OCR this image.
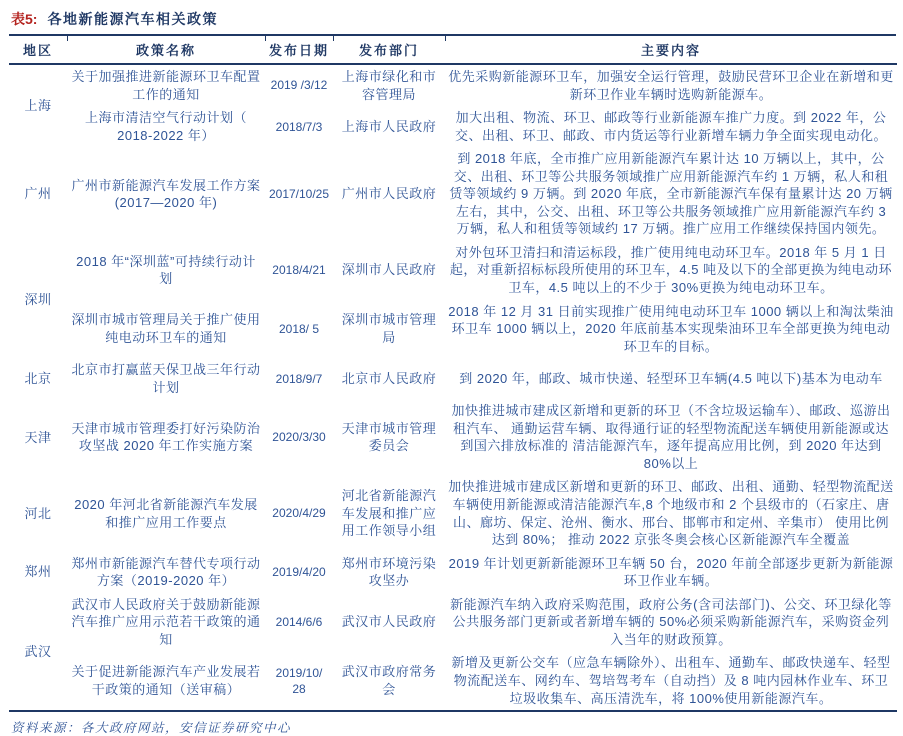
表5: 各地新能源汽车相关政策
地区	政策名称	发布日期	发布部门	主要内容
上海	关于加强推进新能源环卫车配置工作的通知	2019 /3/12	上海市绿化和市容管理局	优先采购新能源环卫车，加强安全运行管理，鼓励民营环卫企业在新增和更新环卫作业车辆时选购新能源车。
	上海市清洁空气行动计划（ 2018-2022 年）	2018/7/3	上海市人民政府	加大出租、物流、环卫、邮政等行业新能源车推广力度。到 2022 年，公交、出租、环卫、邮政、市内货运等行业新增车辆力争全面实现电动化。
广州	广州市新能源汽车发展工作方案(2017—2020 年)	2017/10/25	广州市人民政府	到 2018 年底，全市推广应用新能源汽车累计达 10 万辆以上，其中，公交、出租、环卫等公共服务领域推广应用新能源汽车约 1 万辆，私人和租赁等领域约 9 万辆。到 2020 年底，全市新能源汽车保有量累计达 20 万辆左右，其中，公交、出租、环卫等公共服务领域推广应用新能源汽车约 3 万辆，私人和租赁等领域约 17 万辆。推广应用工作继续保持国内领先。
深圳	2018 年“深圳蓝”可持续行动计划	2018/4/21	深圳市人民政府	对外包环卫清扫和清运标段，推广使用纯电动环卫车。2018 年 5 月 1 日起，对重新招标标段所使用的环卫车，4.5 吨及以下的全部更换为纯电动环卫车，4.5 吨以上的不少于 30%更换为纯电动环卫车。
	深圳市城市管理局关于推广使用纯电动环卫车的通知	2018/ 5	深圳市城市管理局	2018 年 12 月 31 日前实现推广使用纯电动环卫车 1000 辆以上和淘汰柴油环卫车 1000 辆以上，2020 年底前基本实现柴油环卫车全部更换为纯电动环卫车的目标。
北京	北京市打赢蓝天保卫战三年行动计划	2018/9/7	北京市人民政府	到 2020 年，邮政、城市快递、轻型环卫车辆(4.5 吨以下)基本为电动车
天津	天津市城市管理委打好污染防治攻坚战 2020 年工作实施方案	2020/3/30	天津市城市管理委员会	加快推进城市建成区新增和更新的环卫（不含垃圾运输车）、邮政、巡游出租汽车、 通勤运营车辆、取得通行证的轻型物流配送车辆使用新能源或达到国六排放标准的 清洁能源汽车，逐年提高应用比例，到 2020 年达到 80%以上
河北	2020 年河北省新能源汽车发展和推广应用工作要点	2020/4/29	河北省新能源汽车发展和推广应用工作领导小组	加快推进城市建成区新增和更新的环卫、邮政、出租、通勤、轻型物流配送车辆使用新能源或清洁能源汽车,8 个地级市和 2 个县级市的（石家庄、唐山、廊坊、保定、沧州、衡水、邢台、邯郸市和定州、辛集市） 使用比例达到 80%； 推动 2022 京张冬奥会核心区新能源汽车全覆盖
郑州	郑州市新能源汽车替代专项行动方案（2019-2020 年）	2019/4/20	郑州市环境污染攻坚办	2019 年计划更新新能源环卫车辆 50 台，2020 年前全部逐步更新为新能源环卫作业车辆。
武汉	武汉市人民政府关于鼓励新能源汽车推广应用示范若干政策的通知	2014/6/6	武汉市人民政府	新能源汽车纳入政府采购范围，政府公务(含司法部门)、公交、环卫绿化等公共服务部门更新或者新增车辆的 50%必须采购新能源汽车，采购资金列入当年的财政预算。
	关于促进新能源汽车产业发展若干政策的通知（送审稿）	2019/10/ 28	武汉市政府常务会	新增及更新公交车（应急车辆除外）、出租车、通勤车、邮政快递车、轻型物流配送车、网约车、驾培驾考车（自动挡）及 8 吨内园林作业车、环卫垃圾收集车、高压清洗车，将 100%使用新能源汽车。
资料来源：各大政府网站，安信证券研究中心
